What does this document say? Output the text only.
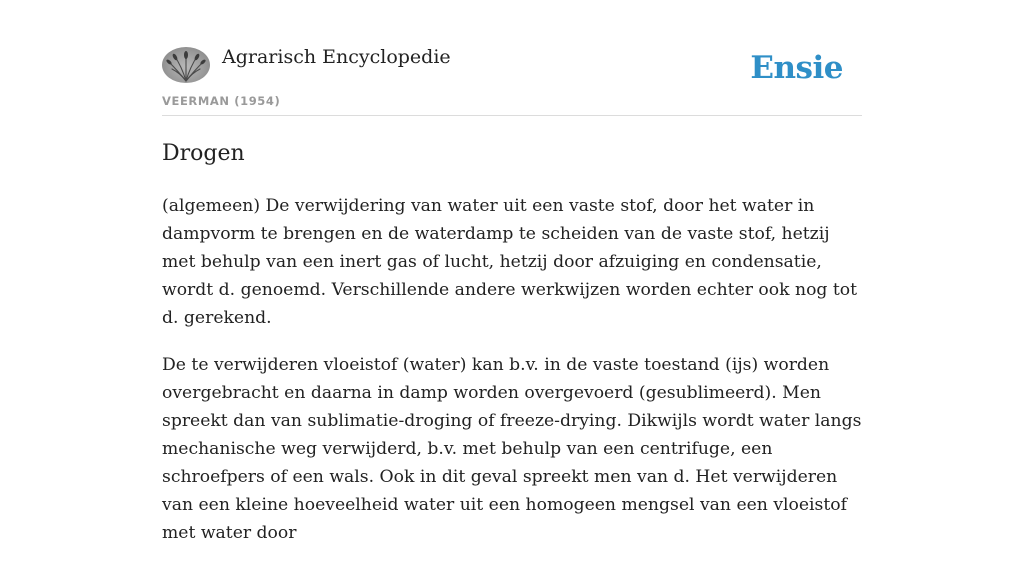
Agrarisch Encyclopedie
VEERMAN (1954)
Ensie
Drogen

(algemeen) De verwijdering van water uit een vaste stof, door het water in dampvorm te brengen en de waterdamp te scheiden van de vaste stof, hetzij met behulp van een inert gas of lucht, hetzij door afzuiging en condensatie, wordt d. genoemd. Verschillende andere werkwijzen worden echter ook nog tot d. gerekend.

De te verwijderen vloeistof (water) kan b.v. in de vaste toestand (ijs) worden overgebracht en daarna in damp worden overgevoerd (gesublimeerd). Men spreekt dan van sublimatie-droging of freeze-drying. Dikwijls wordt water langs mechanische weg verwijderd, b.v. met behulp van een centrifuge, een schroefpers of een wals. Ook in dit geval spreekt men van d. Het verwijderen van een kleine hoeveelheid water uit een homogeen mengsel van een vloeistof met water door
